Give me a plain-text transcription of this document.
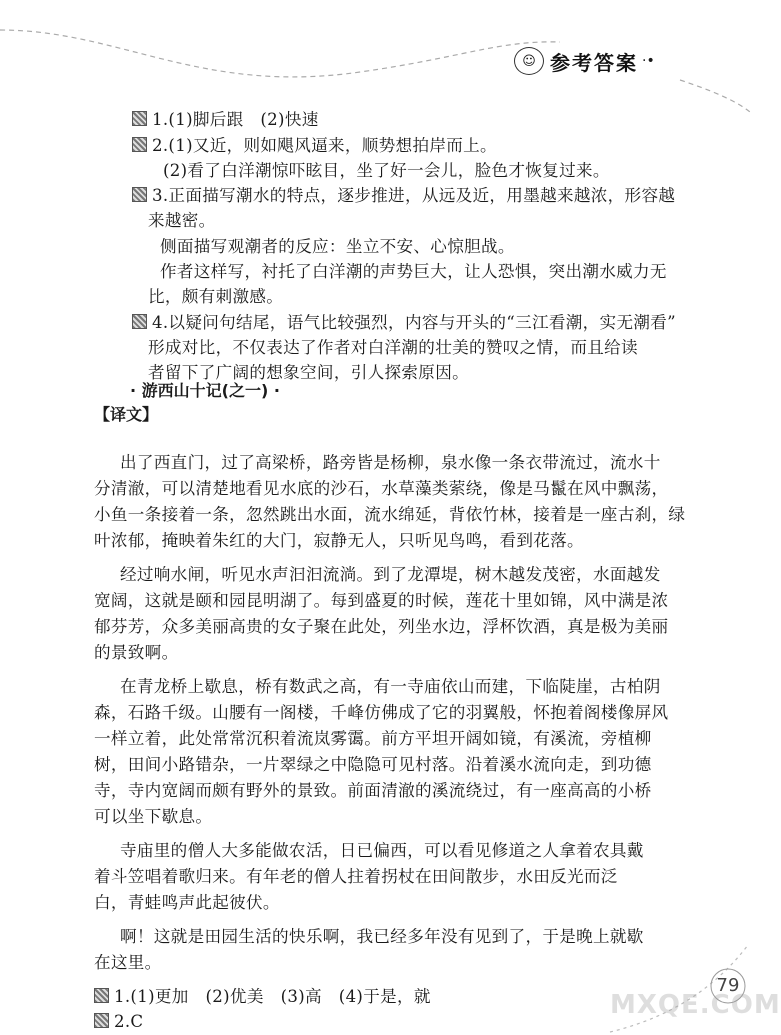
☺ 参考答案 ·•
1.(1)脚后跟　(2)快速
2.(1)又近，则如飓风逼来，顺势想拍岸而上。
(2)看了白洋潮惊吓眩目，坐了好一会儿，脸色才恢复过来。
3.正面描写潮水的特点，逐步推进，从远及近，用墨越来越浓，形容越
来越密。
侧面描写观潮者的反应：坐立不安、心惊胆战。
作者这样写，衬托了白洋潮的声势巨大，让人恐惧，突出潮水威力无
比，颇有刺激感。
4.以疑问句结尾，语气比较强烈，内容与开头的“三江看潮，实无潮看”
形成对比，不仅表达了作者对白洋潮的壮美的赞叹之情，而且给读
者留下了广阔的想象空间，引人探索原因。
出了西直门，过了高梁桥，路旁皆是杨柳，泉水像一条衣带流过，流水十
分清澈，可以清楚地看见水底的沙石，水草藻类萦绕，像是马鬣在风中飘荡，
小鱼一条接着一条，忽然跳出水面，流水绵延，背依竹林，接着是一座古刹，绿
叶浓郁，掩映着朱红的大门，寂静无人，只听见鸟鸣，看到花落。
经过响水闸，听见水声汩汩流淌。到了龙潭堤，树木越发茂密，水面越发
宽阔，这就是颐和园昆明湖了。每到盛夏的时候，莲花十里如锦，风中满是浓
郁芬芳，众多美丽高贵的女子聚在此处，列坐水边，浮杯饮酒，真是极为美丽
的景致啊。
在青龙桥上歇息，桥有数武之高，有一寺庙依山而建，下临陡崖，古柏阴
森，石路千级。山腰有一阁楼，千峰仿佛成了它的羽翼般，怀抱着阁楼像屏风
一样立着，此处常常沉积着流岚雾霭。前方平坦开阔如镜，有溪流，旁植柳
树，田间小路错杂，一片翠绿之中隐隐可见村落。沿着溪水流向走，到功德
寺，寺内宽阔而颇有野外的景致。前面清澈的溪流绕过，有一座高高的小桥
可以坐下歇息。
寺庙里的僧人大多能做农活，日已偏西，可以看见修道之人拿着农具戴
着斗笠唱着歌归来。有年老的僧人拄着拐杖在田间散步，水田反光而泛
白，青蛙鸣声此起彼伏。
啊！这就是田园生活的快乐啊，我已经多年没有见到了，于是晚上就歇
在这里。
1.(1)更加　(2)优美　(3)高　(4)于是，就
2.C
· 游西山十记(之一) ·
【译文】
79
MXQE.COM
